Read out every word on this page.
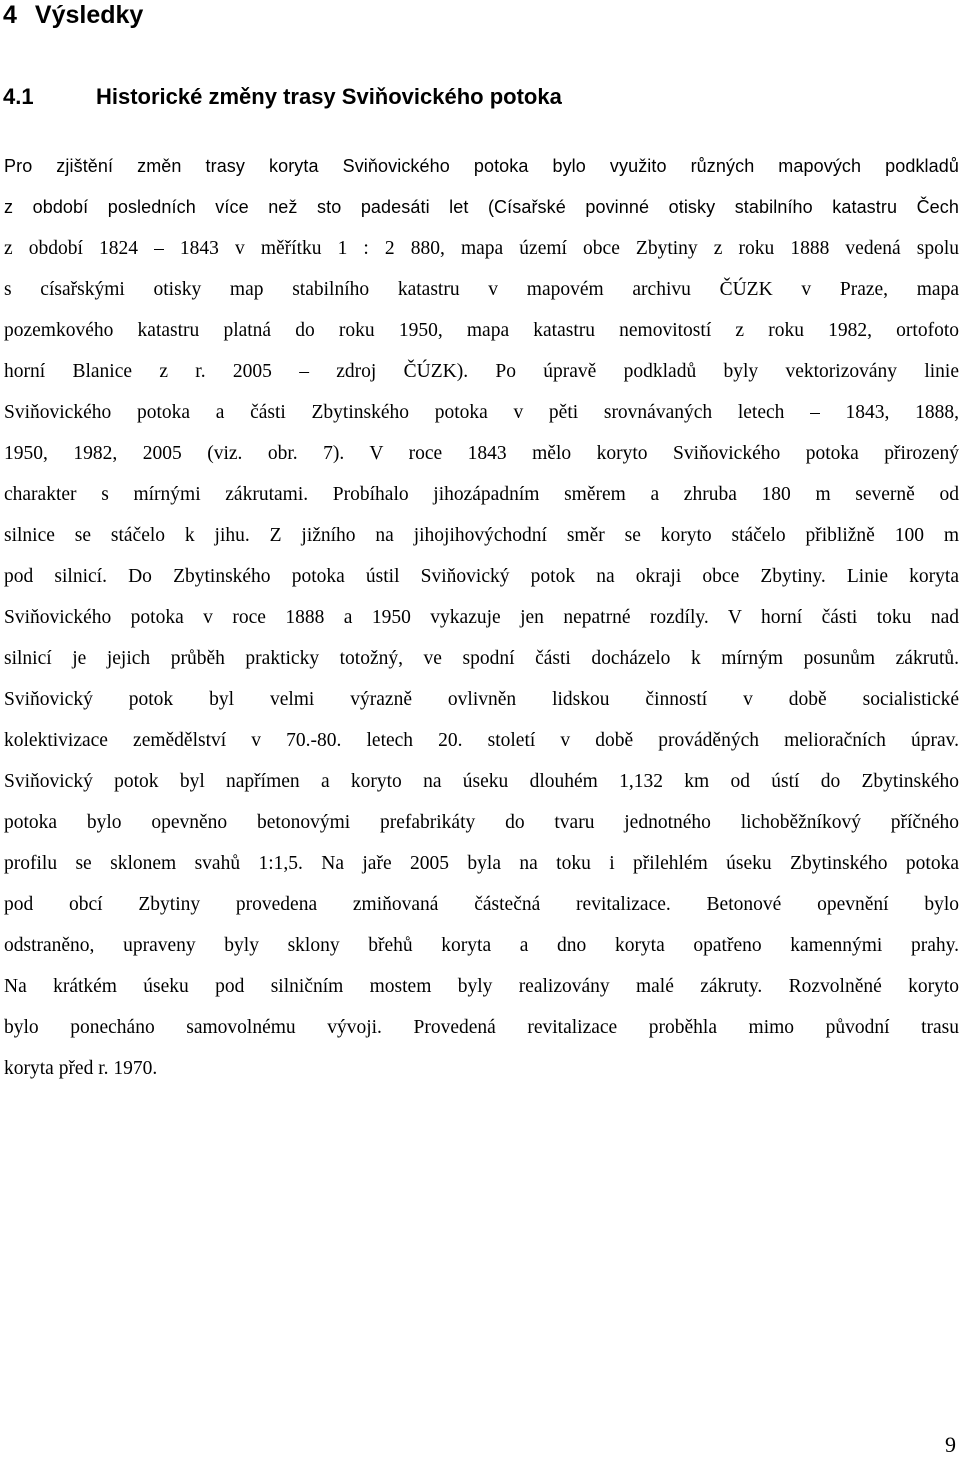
4 Výsledky
4.1	Historické změny trasy Sviňovického potoka
Pro zjištění změn trasy koryta Sviňovického potoka bylo využito různých mapových podkladů
z období posledních více než sto padesáti let (Císařské povinné otisky stabilního katastru Čech
z období 1824 – 1843 v měřítku 1 : 2 880, mapa území obce Zbytiny z roku 1888 vedená spolu
s císařskými otisky map stabilního katastru v mapovém archivu ČÚZK v Praze, mapa
pozemkového katastru platná do roku 1950, mapa katastru nemovitostí z roku 1982, ortofoto
horní Blanice z r. 2005 – zdroj ČÚZK). Po úpravě podkladů byly vektorizovány linie
Sviňovického potoka a části Zbytinského potoka v pěti srovnávaných letech – 1843, 1888,
1950, 1982, 2005 (viz. obr. 7). V roce 1843 mělo koryto Sviňovického potoka přirozený
charakter s mírnými zákrutami. Probíhalo jihozápadním směrem a zhruba 180 m severně od
silnice se stáčelo k jihu. Z jižního na jihojihovýchodní směr se koryto stáčelo přibližně 100 m
pod silnicí. Do Zbytinského potoka ústil Sviňovický potok na okraji obce Zbytiny. Linie koryta
Sviňovického potoka v roce 1888 a 1950 vykazuje jen nepatrné rozdíly. V horní části toku nad
silnicí je jejich průběh prakticky totožný, ve spodní části docházelo k mírným posunům zákrutů.
Sviňovický potok byl velmi výrazně ovlivněn lidskou činností v době socialistické
kolektivizace zemědělství v 70.-80. letech 20. století v době prováděných melioračních úprav.
Sviňovický potok byl napřímen a koryto na úseku dlouhém 1,132 km od ústí do Zbytinského
potoka bylo opevněno betonovými prefabrikáty do tvaru jednotného lichoběžníkový příčného
profilu se sklonem svahů 1:1,5. Na jaře 2005 byla na toku i přilehlém úseku Zbytinského potoka
pod obcí Zbytiny provedena zmiňovaná částečná revitalizace. Betonové opevnění bylo
odstraněno, upraveny byly sklony břehů koryta a dno koryta opatřeno kamennými prahy.
Na krátkém úseku pod silničním mostem byly realizovány malé zákruty. Rozvolněné koryto
bylo ponecháno samovolnému vývoji. Provedená revitalizace proběhla mimo původní trasu
koryta před r. 1970.
9
